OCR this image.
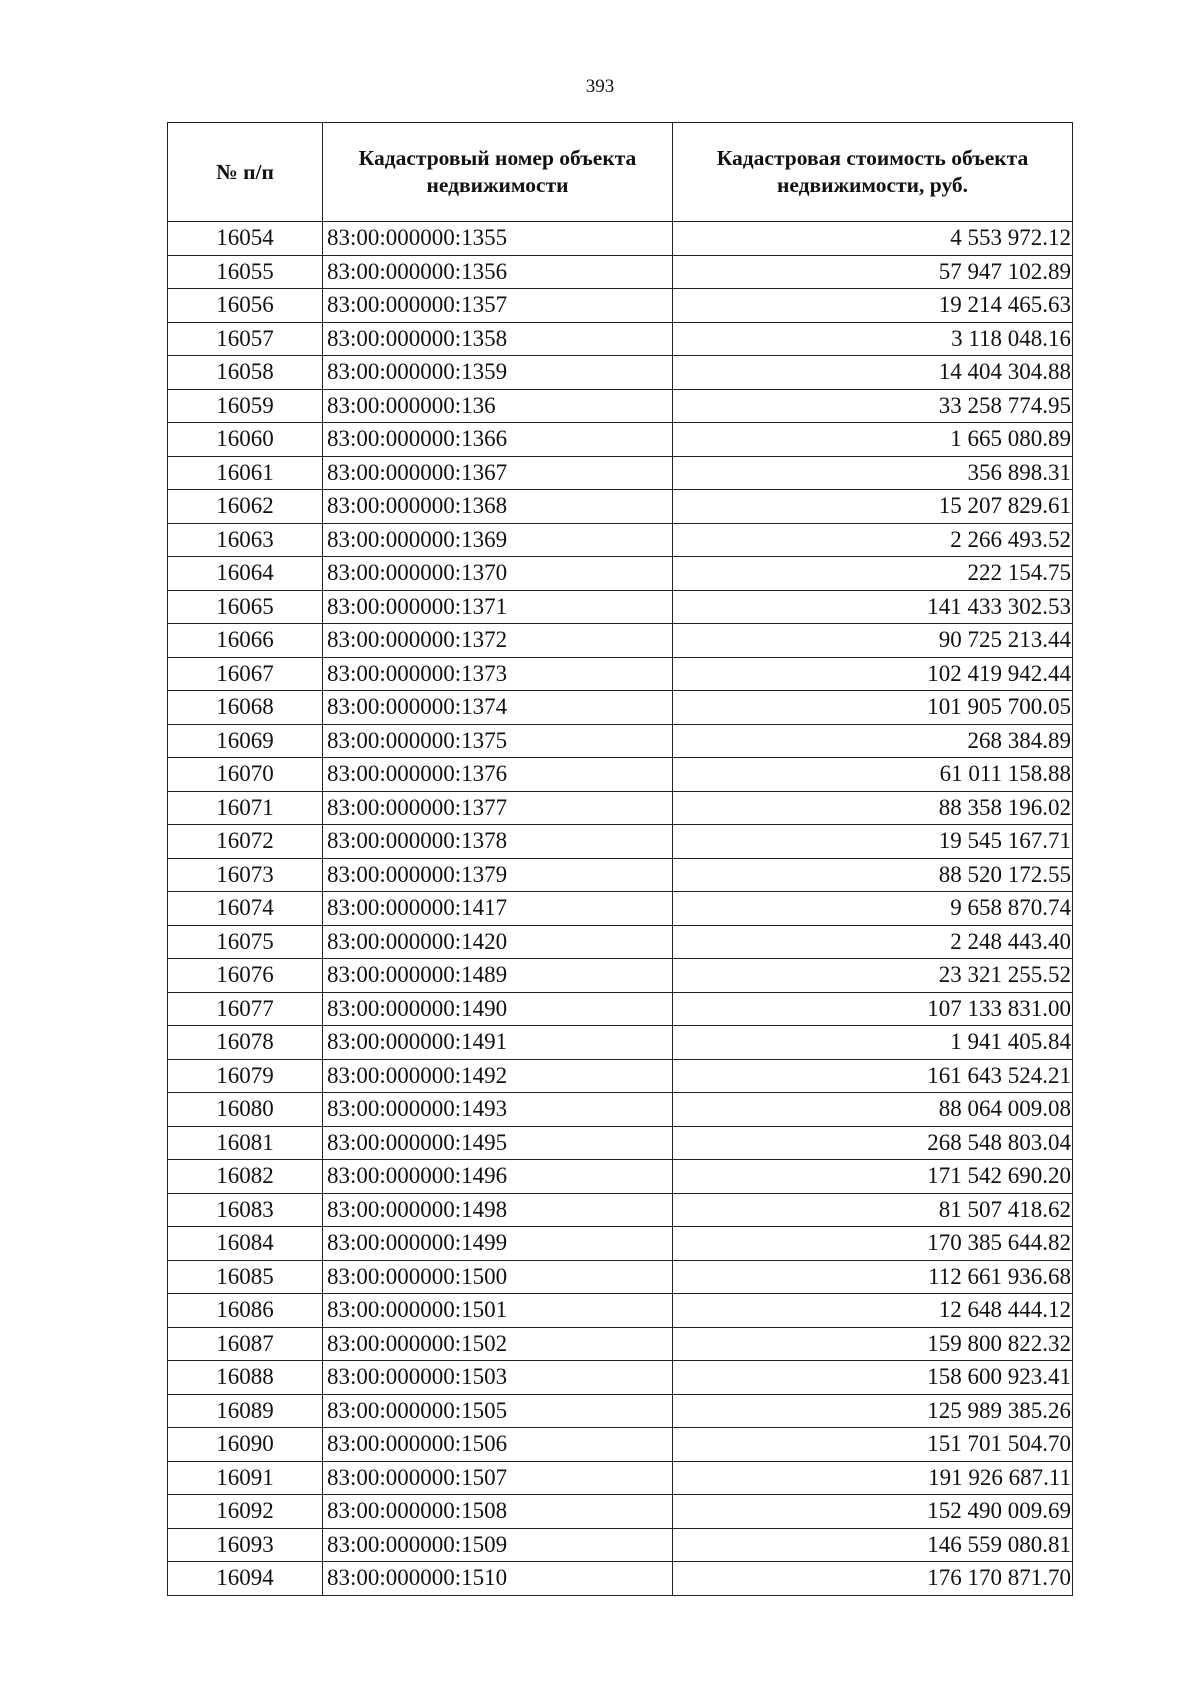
393
№ п/п	Кадастровый номер объекта недвижимости	Кадастровая стоимость объекта недвижимости, руб.
16054	83:00:000000:1355	4 553 972.12
16055	83:00:000000:1356	57 947 102.89
16056	83:00:000000:1357	19 214 465.63
16057	83:00:000000:1358	3 118 048.16
16058	83:00:000000:1359	14 404 304.88
16059	83:00:000000:136	33 258 774.95
16060	83:00:000000:1366	1 665 080.89
16061	83:00:000000:1367	356 898.31
16062	83:00:000000:1368	15 207 829.61
16063	83:00:000000:1369	2 266 493.52
16064	83:00:000000:1370	222 154.75
16065	83:00:000000:1371	141 433 302.53
16066	83:00:000000:1372	90 725 213.44
16067	83:00:000000:1373	102 419 942.44
16068	83:00:000000:1374	101 905 700.05
16069	83:00:000000:1375	268 384.89
16070	83:00:000000:1376	61 011 158.88
16071	83:00:000000:1377	88 358 196.02
16072	83:00:000000:1378	19 545 167.71
16073	83:00:000000:1379	88 520 172.55
16074	83:00:000000:1417	9 658 870.74
16075	83:00:000000:1420	2 248 443.40
16076	83:00:000000:1489	23 321 255.52
16077	83:00:000000:1490	107 133 831.00
16078	83:00:000000:1491	1 941 405.84
16079	83:00:000000:1492	161 643 524.21
16080	83:00:000000:1493	88 064 009.08
16081	83:00:000000:1495	268 548 803.04
16082	83:00:000000:1496	171 542 690.20
16083	83:00:000000:1498	81 507 418.62
16084	83:00:000000:1499	170 385 644.82
16085	83:00:000000:1500	112 661 936.68
16086	83:00:000000:1501	12 648 444.12
16087	83:00:000000:1502	159 800 822.32
16088	83:00:000000:1503	158 600 923.41
16089	83:00:000000:1505	125 989 385.26
16090	83:00:000000:1506	151 701 504.70
16091	83:00:000000:1507	191 926 687.11
16092	83:00:000000:1508	152 490 009.69
16093	83:00:000000:1509	146 559 080.81
16094	83:00:000000:1510	176 170 871.70
